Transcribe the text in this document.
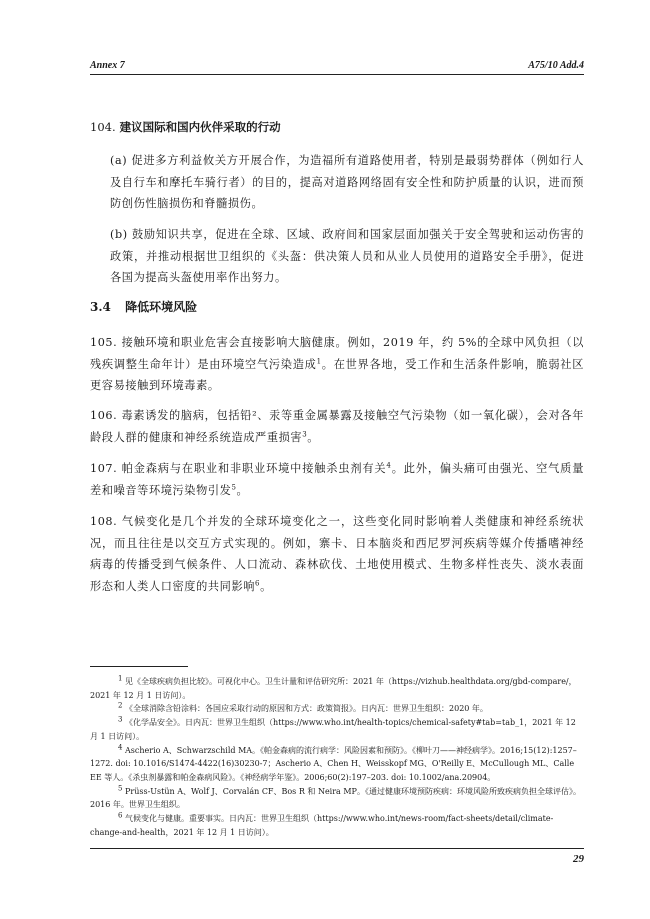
Annex 7	A75/10 Add.4
104. 建议国际和国内伙伴采取的行动
(a) 促进多方利益攸关方开展合作，为造福所有道路使用者，特别是最弱势群体（例如行人及自行车和摩托车骑行者）的目的，提高对道路网络固有安全性和防护质量的认识，进而预防创伤性脑损伤和脊髓损伤。
(b) 鼓励知识共享，促进在全球、区域、政府间和国家层面加强关于安全驾驶和运动伤害的政策，并推动根据世卫组织的《头盔：供决策人员和从业人员使用的道路安全手册》，促进各国为提高头盔使用率作出努力。
3.4 降低环境风险
105. 接触环境和职业危害会直接影响大脑健康。例如，2019 年，约 5%的全球中风负担（以残疾调整生命年计）是由环境空气污染造成$^1$。在世界各地，受工作和生活条件影响，脆弱社区更容易接触到环境毒素。
106. 毒素诱发的脑病，包括铅²、汞等重金属暴露及接触空气污染物（如一氧化碳），会对各年龄段人群的健康和神经系统造成严重损害$^3$。
107. 帕金森病与在职业和非职业环境中接触杀虫剂有关$^4$。此外，偏头痛可由强光、空气质量差和噪音等环境污染物引发$^5$。
108. 气候变化是几个并发的全球环境变化之一，这些变化同时影响着人类健康和神经系统状况，而且往往是以交互方式实现的。例如，寨卡、日本脑炎和西尼罗河疾病等媒介传播嗜神经病毒的传播受到气候条件、人口流动、森林砍伐、土地使用模式、生物多样性丧失、淡水表面形态和人类人口密度的共同影响$^6$。
$^1$ 见《全球疾病负担比较》。可视化中心。卫生计量和评估研究所：2021 年（https://vizhub.healthdata.org/gbd-compare/，2021 年 12 月 1 日访问）。
$^2$ 《全球消除含铅涂料：各国应采取行动的原因和方式：政策简报》。日内瓦：世界卫生组织：2020 年。
$^3$ 《化学品安全》。日内瓦：世界卫生组织（https://www.who.int/health-topics/chemical-safety#tab=tab_1，2021 年 12 月 1 日访问）。
$^4$ Ascherio A、Schwarzschild MA。《帕金森病的流行病学：风险因素和预防》。《柳叶刀——神经病学》。2016;15(12):1257–1272. doi: 10.1016/S1474-4422(16)30230-7；Ascherio A、Chen H、Weisskopf MG、O'Reilly E、McCullough ML、Calle EE 等人。《杀虫剂暴露和帕金森病风险》。《神经病学年鉴》。2006;60(2):197–203. doi: 10.1002/ana.20904。
$^5$ Prüss-Ustün A、Wolf J、Corvalán CF、Bos R 和 Neira MP。《通过健康环境预防疾病：环境风险所致疾病负担全球评估》。2016 年。世界卫生组织。
$^6$ 气候变化与健康。重要事实。日内瓦：世界卫生组织（https://www.who.int/news-room/fact-sheets/detail/climate-change-and-health，2021 年 12 月 1 日访问）。
29
